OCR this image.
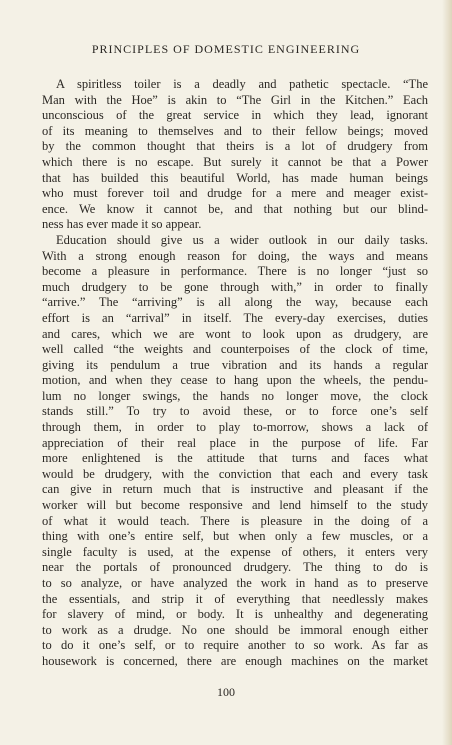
PRINCIPLES OF DOMESTIC ENGINEERING
A spiritless toiler is a deadly and pathetic spectacle. “The
Man with the Hoe” is akin to “The Girl in the Kitchen.” Each
unconscious of the great service in which they lead, ignorant
of its meaning to themselves and to their fellow beings; moved
by the common thought that theirs is a lot of drudgery from
which there is no escape. But surely it cannot be that a Power
that has builded this beautiful World, has made human beings
who must forever toil and drudge for a mere and meager exist-
ence. We know it cannot be, and that nothing but our blind-
ness has ever made it so appear.
Education should give us a wider outlook in our daily tasks.
With a strong enough reason for doing, the ways and means
become a pleasure in performance. There is no longer “just so
much drudgery to be gone through with,” in order to finally
“arrive.” The “arriving” is all along the way, because each
effort is an “arrival” in itself. The every-day exercises, duties
and cares, which we are wont to look upon as drudgery, are
well called “the weights and counterpoises of the clock of time,
giving its pendulum a true vibration and its hands a regular
motion, and when they cease to hang upon the wheels, the pendu-
lum no longer swings, the hands no longer move, the clock
stands still.” To try to avoid these, or to force one’s self
through them, in order to play to-morrow, shows a lack of
appreciation of their real place in the purpose of life. Far
more enlightened is the attitude that turns and faces what
would be drudgery, with the conviction that each and every task
can give in return much that is instructive and pleasant if the
worker will but become responsive and lend himself to the study
of what it would teach. There is pleasure in the doing of a
thing with one’s entire self, but when only a few muscles, or a
single faculty is used, at the expense of others, it enters very
near the portals of pronounced drudgery. The thing to do is
to so analyze, or have analyzed the work in hand as to preserve
the essentials, and strip it of everything that needlessly makes
for slavery of mind, or body. It is unhealthy and degenerating
to work as a drudge. No one should be immoral enough either
to do it one’s self, or to require another to so work. As far as
housework is concerned, there are enough machines on the market
100
